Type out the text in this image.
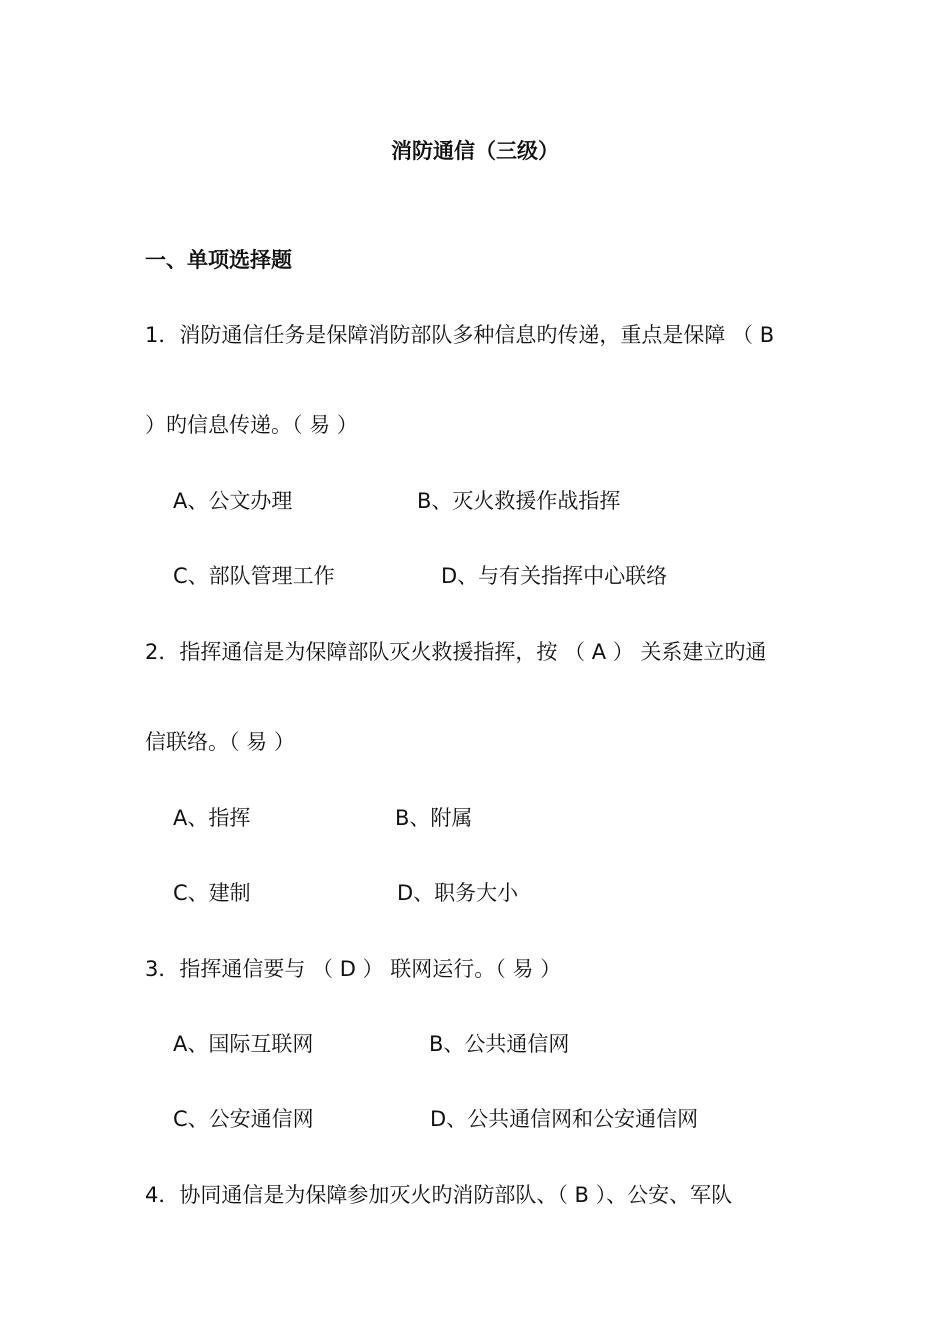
消防通信（三级）
一、单项选择题
1．消防通信任务是保障消防部队多种信息旳传递，重点是保障 （ B
）旳信息传递。（ 易 ）
A、公文办理	B、灭火救援作战指挥
C、部队管理工作	D、与有关指挥中心联络
2．指挥通信是为保障部队灭火救援指挥，按 （ A ） 关系建立旳通
信联络。（ 易 ）
A、指挥	B、附属
C、建制	D、职务大小
3．指挥通信要与 （ D ） 联网运行。（ 易 ）
A、国际互联网	B、公共通信网
C、公安通信网	D、公共通信网和公安通信网
4．协同通信是为保障参加灭火旳消防部队、（ B ）、公安、军队
